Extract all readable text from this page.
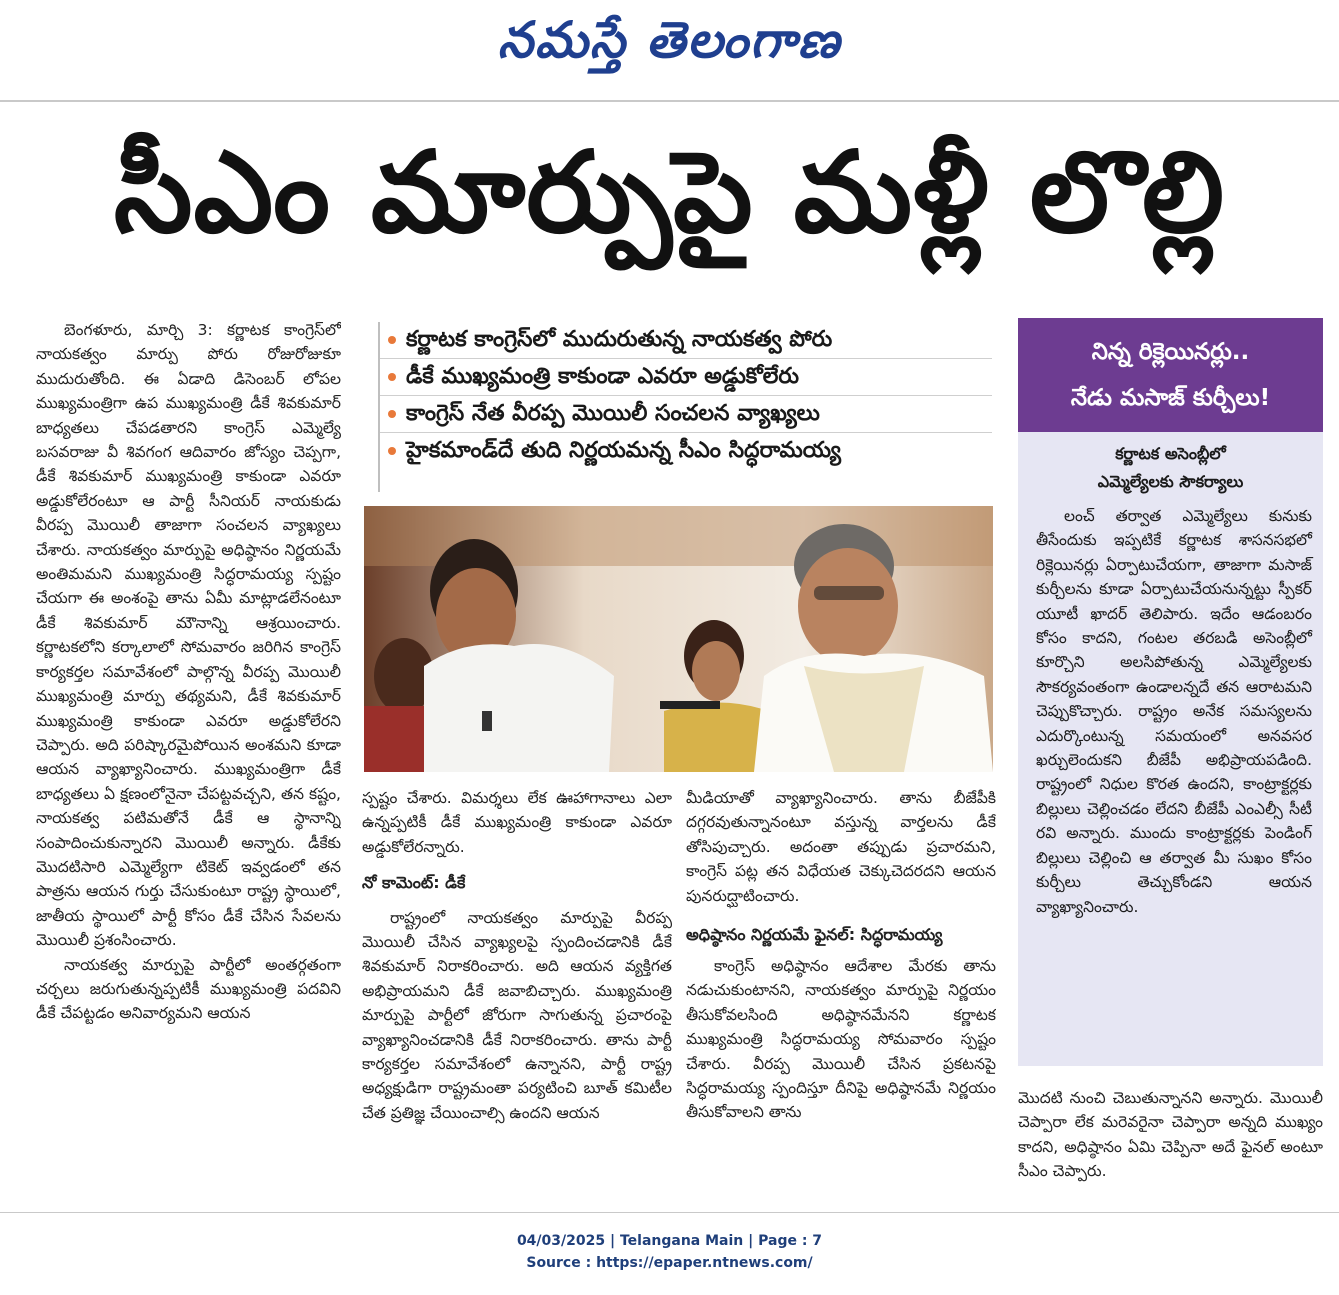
నమస్తే తెలంగాణ
సీఎం మార్పుపై మళ్లీ లొల్లి

బెంగళూరు, మార్చి 3: కర్ణాటక కాంగ్రెస్‌లో నాయకత్వం మార్పు పోరు రోజురోజుకూ ముదురుతోంది. ఈ ఏడాది డిసెంబర్ లోపల ముఖ్యమంత్రిగా ఉప ముఖ్యమంత్రి డీకే శివకుమార్ బాధ్యతలు చేపడతారని కాంగ్రెస్ ఎమ్మెల్యే బసవరాజు వీ శివగంగ ఆదివారం జోస్యం చెప్పగా, డీకే శివకుమార్ ముఖ్యమంత్రి కాకుండా ఎవరూ అడ్డుకోలేరంటూ ఆ పార్టీ సీనియర్ నాయకుడు వీరప్ప మొయిలీ తాజాగా సంచలన వ్యాఖ్యలు చేశారు. నాయకత్వం మార్పుపై అధిష్ఠానం నిర్ణయమే అంతిమమని ముఖ్యమంత్రి సిద్ధరామయ్య స్పష్టం చేయగా ఈ అంశంపై తాను ఏమీ మాట్లాడలేనంటూ డీకే శివకుమార్ మౌనాన్ని ఆశ్రయించారు. కర్ణాటకలోని కర్కాలాలో సోమవారం జరిగిన కాంగ్రెస్ కార్యకర్తల సమావేశంలో పాల్గొన్న వీరప్ప మొయిలీ ముఖ్యమంత్రి మార్పు తథ్యమని, డీకే శివకుమార్ ముఖ్యమంత్రి కాకుండా ఎవరూ అడ్డుకోలేరని చెప్పారు. అది పరిష్కారమైపోయిన అంశమని కూడా ఆయన వ్యాఖ్యానించారు. ముఖ్యమంత్రిగా డీకే బాధ్యతలు ఏ క్షణంలోనైనా చేపట్టవచ్చని, తన కష్టం, నాయకత్వ పటిమతోనే డీకే ఆ స్థానాన్ని సంపాదించుకున్నారని మొయిలీ అన్నారు. డీకేకు మొదటిసారి ఎమ్మెల్యేగా టికెట్ ఇవ్వడంలో తన పాత్రను ఆయన గుర్తు చేసుకుంటూ రాష్ట్ర స్థాయిలో, జాతీయ స్థాయిలో పార్టీ కోసం డీకే చేసిన సేవలను మొయిలీ ప్రశంసించారు.

నాయకత్వ మార్పుపై పార్టీలో అంతర్గతంగా చర్చలు జరుగుతున్నప్పటికీ ముఖ్యమంత్రి పదవిని డీకే చేపట్టడం అనివార్యమని ఆయన

కర్ణాటక కాంగ్రెస్‌లో ముదురుతున్న నాయకత్వ పోరు
డీకే ముఖ్యమంత్రి కాకుండా ఎవరూ అడ్డుకోలేరు
కాంగ్రెస్ నేత వీరప్ప మొయిలీ సంచలన వ్యాఖ్యలు
హైకమాండ్‌దే తుది నిర్ణయమన్న సీఎం సిద్ధరామయ్య

స్పష్టం చేశారు. విమర్శలు లేక ఊహాగానాలు ఎలా ఉన్నప్పటికీ డీకే ముఖ్యమంత్రి కాకుండా ఎవరూ అడ్డుకోలేరన్నారు.

నో కామెంట్: డీకే

రాష్ట్రంలో నాయకత్వం మార్పుపై వీరప్ప మొయిలీ చేసిన వ్యాఖ్యలపై స్పందించడానికి డీకే శివకుమార్ నిరాకరించారు. అది ఆయన వ్యక్తిగత అభిప్రాయమని డీకే జవాబిచ్చారు. ముఖ్యమంత్రి మార్పుపై పార్టీలో జోరుగా సాగుతున్న ప్రచారంపై వ్యాఖ్యానించడానికి డీకే నిరాకరించారు. తాను పార్టీ కార్యకర్తల సమావేశంలో ఉన్నానని, పార్టీ రాష్ట్ర అధ్యక్షుడిగా రాష్ట్రమంతా పర్యటించి బూత్ కమిటీల చేత ప్రతిజ్ఞ చేయించాల్సి ఉందని ఆయన

మీడియాతో వ్యాఖ్యానించారు. తాను బీజేపీకి దగ్గరవుతున్నానంటూ వస్తున్న వార్తలను డీకే తోసిపుచ్చారు. అదంతా తప్పుడు ప్రచారమని, కాంగ్రెస్ పట్ల తన విధేయత చెక్కుచెదరదని ఆయన పునరుద్ఘాటించారు.

అధిష్ఠానం నిర్ణయమే ఫైనల్: సిద్ధరామయ్య

కాంగ్రెస్ అధిష్ఠానం ఆదేశాల మేరకు తాను నడుచుకుంటానని, నాయకత్వం మార్పుపై నిర్ణయం తీసుకోవలసింది అధిష్ఠానమేనని కర్ణాటక ముఖ్యమంత్రి సిద్ధరామయ్య సోమవారం స్పష్టం చేశారు. వీరప్ప మొయిలీ చేసిన ప్రకటనపై సిద్ధరామయ్య స్పందిస్తూ దీనిపై అధిష్ఠానమే నిర్ణయం తీసుకోవాలని తాను

నిన్న రిక్లెయినర్లు..
నేడు మసాజ్ కుర్చీలు!
కర్ణాటక అసెంబ్లీలో
ఎమ్మెల్యేలకు సౌకర్యాలు

లంచ్ తర్వాత ఎమ్మెల్యేలు కునుకు తీసేందుకు ఇప్పటికే కర్ణాటక శాసనసభలో రిక్లెయినర్లు ఏర్పాటుచేయగా, తాజాగా మసాజ్ కుర్చీలను కూడా ఏర్పాటుచేయనున్నట్టు స్పీకర్ యూటీ ఖాదర్ తెలిపారు. ఇదేం ఆడంబరం కోసం కాదని, గంటల తరబడి అసెంబ్లీలో కూర్చొని అలసిపోతున్న ఎమ్మెల్యేలకు సౌకర్యవంతంగా ఉండాలన్నదే తన ఆరాటమని చెప్పుకొచ్చారు. రాష్ట్రం అనేక సమస్యలను ఎదుర్కొంటున్న సమయంలో అనవసర ఖర్చులెందుకని బీజేపీ అభిప్రాయపడింది. రాష్ట్రంలో నిధుల కొరత ఉందని, కాంట్రాక్టర్లకు బిల్లులు చెల్లించడం లేదని బీజేపీ ఎంఎల్సీ సీటీ రవి అన్నారు. ముందు కాంట్రాక్టర్లకు పెండింగ్ బిల్లులు చెల్లించి ఆ తర్వాత మీ సుఖం కోసం కుర్చీలు తెచ్చుకోండని ఆయన వ్యాఖ్యానించారు.

మొదటి నుంచి చెబుతున్నానని అన్నారు. మొయిలీ చెప్పారా లేక మరెవరైనా చెప్పారా అన్నది ముఖ్యం కాదని, అధిష్ఠానం ఏమి చెప్పినా అదే ఫైనల్ అంటూ సీఎం చెప్పారు.

04/03/2025 | Telangana Main | Page : 7
Source : https://epaper.ntnews.com/
